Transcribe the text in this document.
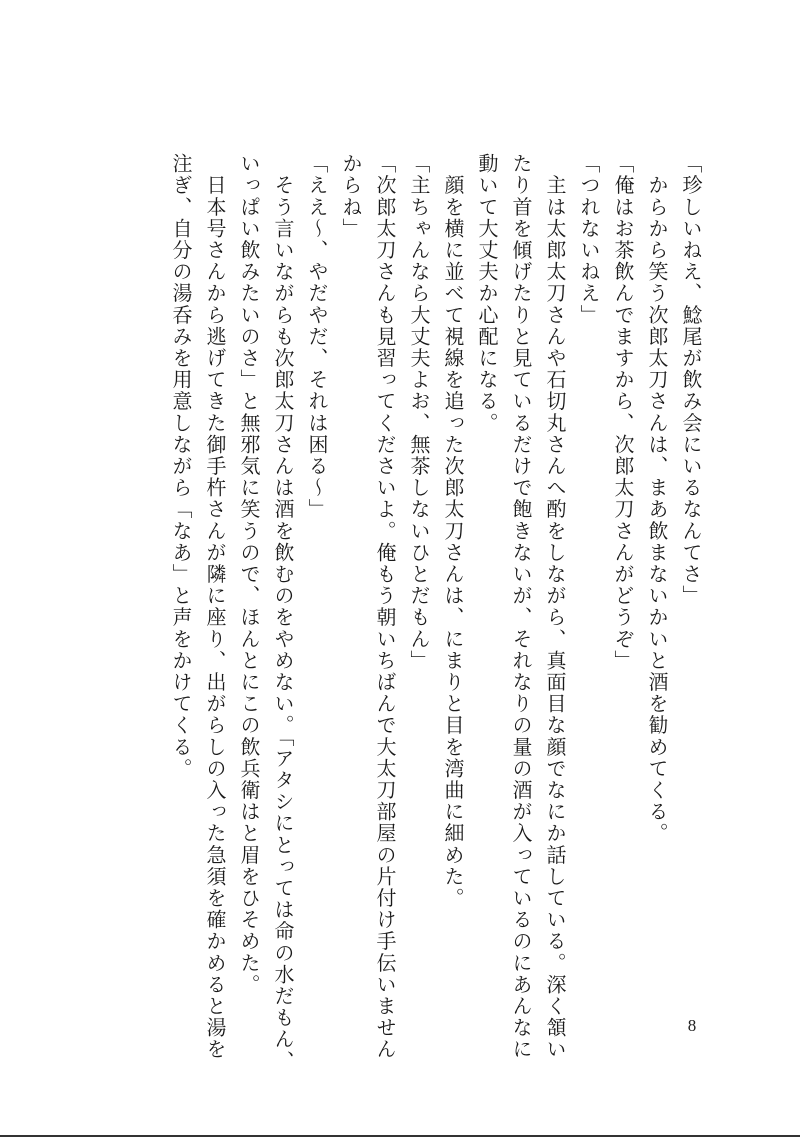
「珍しいねえ、鯰尾が飲み会にいるなんてさ」

　からから笑う次郎太刀さんは、まあ飲まないかいと酒を勧めてくる。

「俺はお茶飲んでますから、次郎太刀さんがどうぞ」

「つれないねえ」

　主は太郎太刀さんや石切丸さんへ酌をしながら、真面目な顔でなにか話している。深く頷い

たり首を傾げたりと見ているだけで飽きないが、それなりの量の酒が入っているのにあんなに

動いて大丈夫か心配になる。

　顔を横に並べて視線を追った次郎太刀さんは、にまりと目を湾曲に細めた。

「主ちゃんなら大丈夫よお、無茶しないひとだもん」

「次郎太刀さんも見習ってくださいよ。俺もう朝いちばんで大太刀部屋の片付け手伝いません

からね」

「ええ〜、やだやだ、それは困る〜」

　そう言いながらも次郎太刀さんは酒を飲むのをやめない。「アタシにとっては命の水だもん、

いっぱい飲みたいのさ」と無邪気に笑うので、ほんとにこの飲兵衛はと眉をひそめた。

　日本号さんから逃げてきた御手杵さんが隣に座り、出がらしの入った急須を確かめると湯を

注ぎ、自分の湯呑みを用意しながら「なあ」と声をかけてくる。

8
